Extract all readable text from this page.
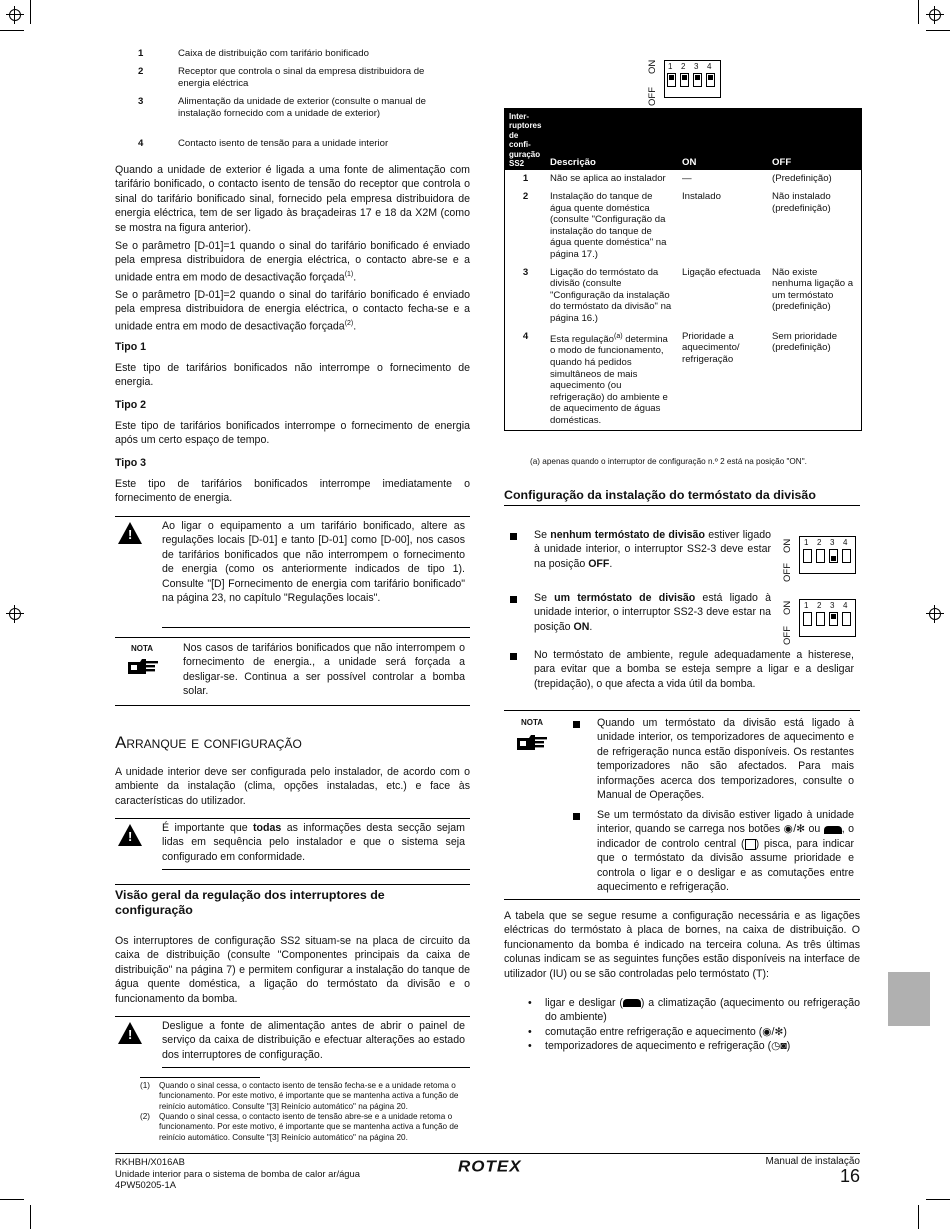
1	Caixa de distribuição com tarifário bonificado
2	Receptor que controla o sinal da empresa distribuidora de energia eléctrica
3	Alimentação da unidade de exterior (consulte o manual de instalação fornecido com a unidade de exterior)
4	Contacto isento de tensão para a unidade interior
Quando a unidade de exterior é ligada a uma fonte de alimentação com tarifário bonificado, o contacto isento de tensão do receptor que controla o sinal do tarifário bonificado sinal, fornecido pela empresa distribuidora de energia eléctrica, tem de ser ligado às braçadeiras 17 e 18 da X2M (como se mostra na figura anterior).
Se o parâmetro [D-01]=1 quando o sinal do tarifário bonificado é enviado pela empresa distribuidora de energia eléctrica, o contacto abre-se e a unidade entra em modo de desactivação forçada$^{(1)}$.
Se o parâmetro [D-01]=2 quando o sinal do tarifário bonificado é enviado pela empresa distribuidora de energia eléctrica, o contacto fecha-se e a unidade entra em modo de desactivação forçada$^{(2)}$.
Tipo 1
Este tipo de tarifários bonificados não interrompe o fornecimento de energia.
Tipo 2
Este tipo de tarifários bonificados interrompe o fornecimento de energia após um certo espaço de tempo.
Tipo 3
Este tipo de tarifários bonificados interrompe imediatamente o fornecimento de energia.
!
Ao ligar o equipamento a um tarifário bonificado, altere as regulações locais [D-01] e tanto [D-01] como [D-00], nos casos de tarifários bonificados que não interrompem o fornecimento de energia (como os anteriormente indicados de tipo 1). Consulte "[D] Fornecimento de energia com tarifário bonificado" na página 23, no capítulo "Regulações locais".
NOTA	Nos casos de tarifários bonificados que não interrompem o fornecimento de energia., a unidade será forçada a desligar-se. Continua a ser possível controlar a bomba solar.
Arranque e configuração
A unidade interior deve ser configurada pelo instalador, de acordo com o ambiente da instalação (clima, opções instaladas, etc.) e face às características do utilizador.
!
É importante que todas as informações desta secção sejam lidas em sequência pelo instalador e que o sistema seja configurado em conformidade.
Visão geral da regulação dos interruptores de configuração
Os interruptores de configuração SS2 situam-se na placa de circuito da caixa de distribuição (consulte "Componentes principais da caixa de distribuição" na página 7) e permitem configurar a instalação do tanque de água quente doméstica, a ligação do termóstato da divisão e o funcionamento da bomba.
!
Desligue a fonte de alimentação antes de abrir o painel de serviço da caixa de distribuição e efectuar alterações ao estado dos interruptores de configuração.
(1) Quando o sinal cessa, o contacto isento de tensão fecha-se e a unidade retoma o funcionamento. Por este motivo, é importante que se mantenha activa a função de reinício automático. Consulte "[3] Reinício automático" na página 20.
(2) Quando o sinal cessa, o contacto isento de tensão abre-se e a unidade retoma o funcionamento. Por este motivo, é importante que se mantenha activa a função de reinício automático. Consulte "[3] Reinício automático" na página 20.
OFF
ON 1 2 3 4
Inter-ruptores de confi-guração SS2	Descrição	ON	OFF
1	Não se aplica ao instalador	—	(Predefinição)
2	Instalação do tanque de água quente doméstica (consulte "Configuração da instalação do tanque de água quente doméstica" na página 17.)	Instalado	Não instalado (predefinição)
3	Ligação do termóstato da divisão (consulte "Configuração da instalação do termóstato da divisão" na página 16.)	Ligação efectuada	Não existe nenhuma ligação a um termóstato (predefinição)
4	Esta regulação$^{(a)}$ determina o modo de funcionamento, quando há pedidos simultâneos de mais aquecimento (ou refrigeração) do ambiente e de aquecimento de águas domésticas.	Prioridade a aquecimento/ refrigeração	Sem prioridade (predefinição)
(a) apenas quando o interruptor de configuração n.º 2 está na posição "ON".
Configuração da instalação do termóstato da divisão
Se nenhum termóstato de divisão estiver ligado à unidade interior, o interruptor SS2-3 deve estar na posição OFF.	OFF
ON 1 2 3 4
Se um termóstato de divisão está ligado à unidade interior, o interruptor SS2-3 deve estar na posição ON.	OFF
ON 1 2 3 4
No termóstato de ambiente, regule adequadamente a histerese, para evitar que a bomba se esteja sempre a ligar e a desligar (trepidação), o que afecta a vida útil da bomba.
NOTA	Quando um termóstato da divisão está ligado à unidade interior, os temporizadores de aquecimento e de refrigeração nunca estão disponíveis. Os restantes temporizadores não são afectados. Para mais informações acerca dos temporizadores, consulte o Manual de Operações.
Se um termóstato da divisão estiver ligado à unidade interior, quando se carrega nos botões ◉/✻ ou , o indicador de controlo central ( ) pisca, para indicar que o termóstato da divisão assume prioridade e controla o ligar e o desligar e as comutações entre aquecimento e refrigeração.
A tabela que se segue resume a configuração necessária e as ligações eléctricas do termóstato à placa de bornes, na caixa de distribuição. O funcionamento da bomba é indicado na terceira coluna. As três últimas colunas indicam se as seguintes funções estão disponíveis na interface de utilizador (IU) ou se são controladas pelo termóstato (T):
• ligar e desligar ( ) a climatização (aquecimento ou refrigeração do ambiente)
• comutação entre refrigeração e aquecimento (◉/✻)
• temporizadores de aquecimento e refrigeração (◷◙)
RKHBH/X016AB
Unidade interior para o sistema de bomba de calor ar/água
4PW50205-1A
ROTEX	Manual de instalação
16
